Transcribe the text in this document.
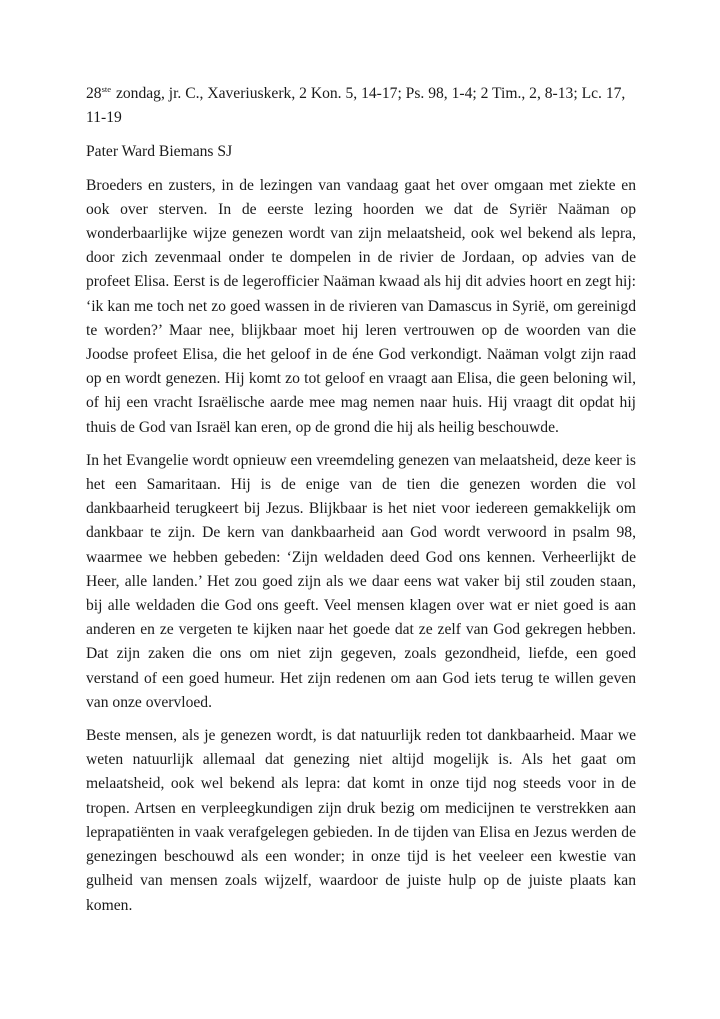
28ste zondag, jr. C., Xaveriuskerk, 2 Kon. 5, 14-17; Ps. 98, 1-4; 2 Tim., 2, 8-13; Lc. 17, 11-19

Pater Ward Biemans SJ

Broeders en zusters, in de lezingen van vandaag gaat het over omgaan met ziekte en ook over sterven. In de eerste lezing hoorden we dat de Syriër Naäman op wonderbaarlijke wijze genezen wordt van zijn melaatsheid, ook wel bekend als lepra, door zich zevenmaal onder te dompelen in de rivier de Jordaan, op advies van de profeet Elisa. Eerst is de legerofficier Naäman kwaad als hij dit advies hoort en zegt hij: ‘ik kan me toch net zo goed wassen in de rivieren van Damascus in Syrië, om gereinigd te worden?’ Maar nee, blijkbaar moet hij leren vertrouwen op de woorden van die Joodse profeet Elisa, die het geloof in de éne God verkondigt. Naäman volgt zijn raad op en wordt genezen. Hij komt zo tot geloof en vraagt aan Elisa, die geen beloning wil, of hij een vracht Israëlische aarde mee mag nemen naar huis. Hij vraagt dit opdat hij thuis de God van Israël kan eren, op de grond die hij als heilig beschouwde.

In het Evangelie wordt opnieuw een vreemdeling genezen van melaatsheid, deze keer is het een Samaritaan. Hij is de enige van de tien die genezen worden die vol dankbaarheid terugkeert bij Jezus. Blijkbaar is het niet voor iedereen gemakkelijk om dankbaar te zijn. De kern van dankbaarheid aan God wordt verwoord in psalm 98, waarmee we hebben gebeden: ‘Zijn weldaden deed God ons kennen. Verheerlijkt de Heer, alle landen.’ Het zou goed zijn als we daar eens wat vaker bij stil zouden staan, bij alle weldaden die God ons geeft. Veel mensen klagen over wat er niet goed is aan anderen en ze vergeten te kijken naar het goede dat ze zelf van God gekregen hebben. Dat zijn zaken die ons om niet zijn gegeven, zoals gezondheid, liefde, een goed verstand of een goed humeur. Het zijn redenen om aan God iets terug te willen geven van onze overvloed.

Beste mensen, als je genezen wordt, is dat natuurlijk reden tot dankbaarheid. Maar we weten natuurlijk allemaal dat genezing niet altijd mogelijk is. Als het gaat om melaatsheid, ook wel bekend als lepra: dat komt in onze tijd nog steeds voor in de tropen. Artsen en verpleegkundigen zijn druk bezig om medicijnen te verstrekken aan leprapatiënten in vaak verafgelegen gebieden. In de tijden van Elisa en Jezus werden de genezingen beschouwd als een wonder; in onze tijd is het veeleer een kwestie van gulheid van mensen zoals wijzelf, waardoor de juiste hulp op de juiste plaats kan komen.
